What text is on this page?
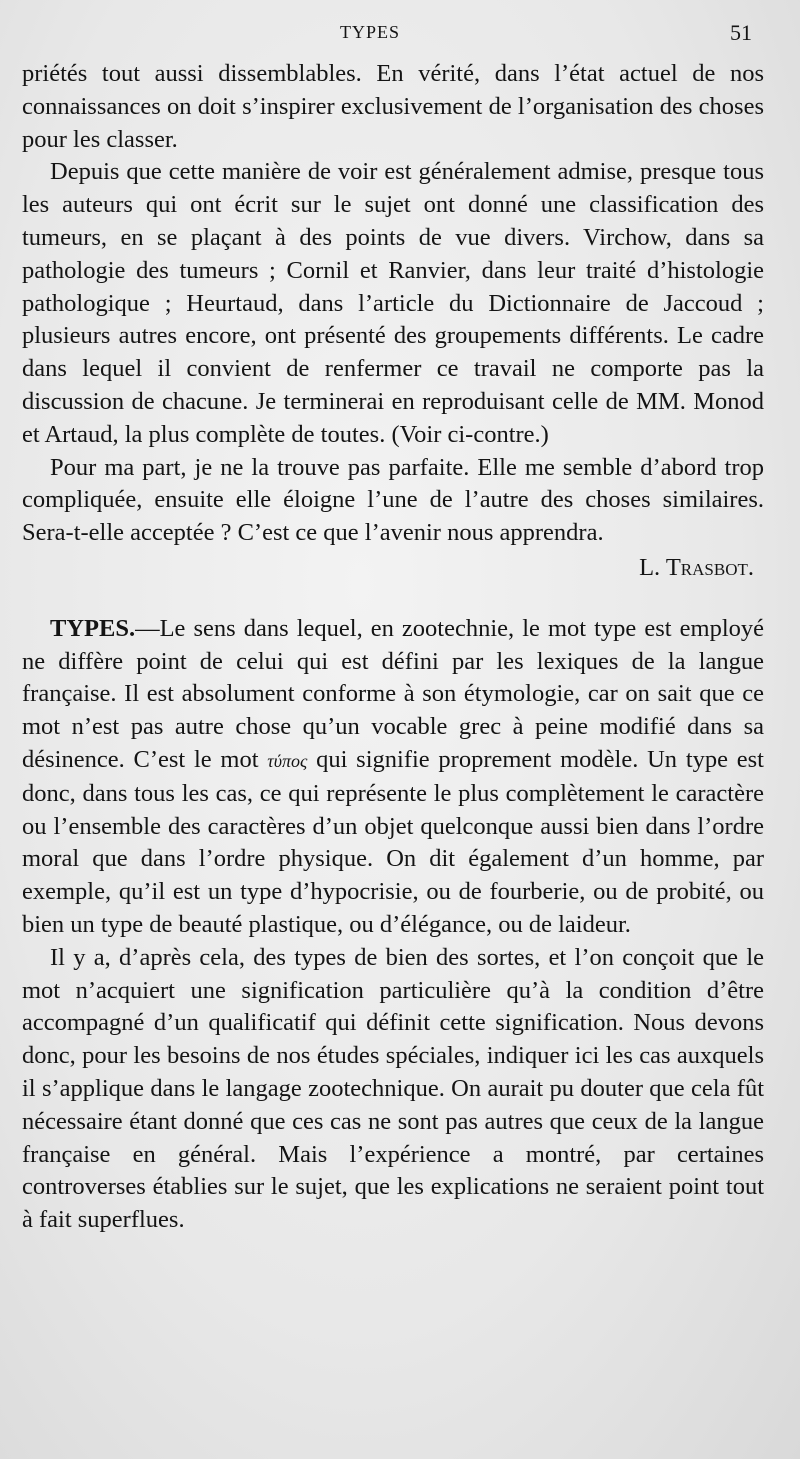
TYPES	51

priétés tout aussi dissemblables. En vérité, dans l’état actuel de nos connaissances on doit s’inspirer exclusivement de l’organisation des choses pour les classer.

Depuis que cette manière de voir est généralement admise, presque tous les auteurs qui ont écrit sur le sujet ont donné une classification des tumeurs, en se plaçant à des points de vue divers. Virchow, dans sa pathologie des tumeurs ; Cornil et Ranvier, dans leur traité d’histologie pathologique ; Heurtaud, dans l’article du Dictionnaire de Jaccoud ; plusieurs autres encore, ont présenté des groupements différents. Le cadre dans lequel il convient de renfermer ce travail ne comporte pas la discussion de chacune. Je terminerai en reproduisant celle de MM. Monod et Artaud, la plus complète de toutes. (Voir ci-contre.)

Pour ma part, je ne la trouve pas parfaite. Elle me semble d’abord trop compliquée, ensuite elle éloigne l’une de l’autre des choses similaires. Sera-t-elle acceptée ? C’est ce que l’avenir nous apprendra.

L. Trasbot.

TYPES.—Le sens dans lequel, en zootechnie, le mot type est employé ne diffère point de celui qui est défini par les lexiques de la langue française. Il est absolument conforme à son étymologie, car on sait que ce mot n’est pas autre chose qu’un vocable grec à peine modifié dans sa désinence. C’est le mot τύπος qui signifie proprement modèle. Un type est donc, dans tous les cas, ce qui représente le plus complètement le caractère ou l’ensemble des caractères d’un objet quelconque aussi bien dans l’ordre moral que dans l’ordre physique. On dit également d’un homme, par exemple, qu’il est un type d’hypocrisie, ou de fourberie, ou de probité, ou bien un type de beauté plastique, ou d’élégance, ou de laideur.

Il y a, d’après cela, des types de bien des sortes, et l’on conçoit que le mot n’acquiert une signification particulière qu’à la condition d’être accompagné d’un qualificatif qui définit cette signification. Nous devons donc, pour les besoins de nos études spéciales, indiquer ici les cas auxquels il s’applique dans le langage zootechnique. On aurait pu douter que cela fût nécessaire étant donné que ces cas ne sont pas autres que ceux de la langue française en général. Mais l’expérience a montré, par certaines controverses établies sur le sujet, que les explications ne seraient point tout à fait superflues.
